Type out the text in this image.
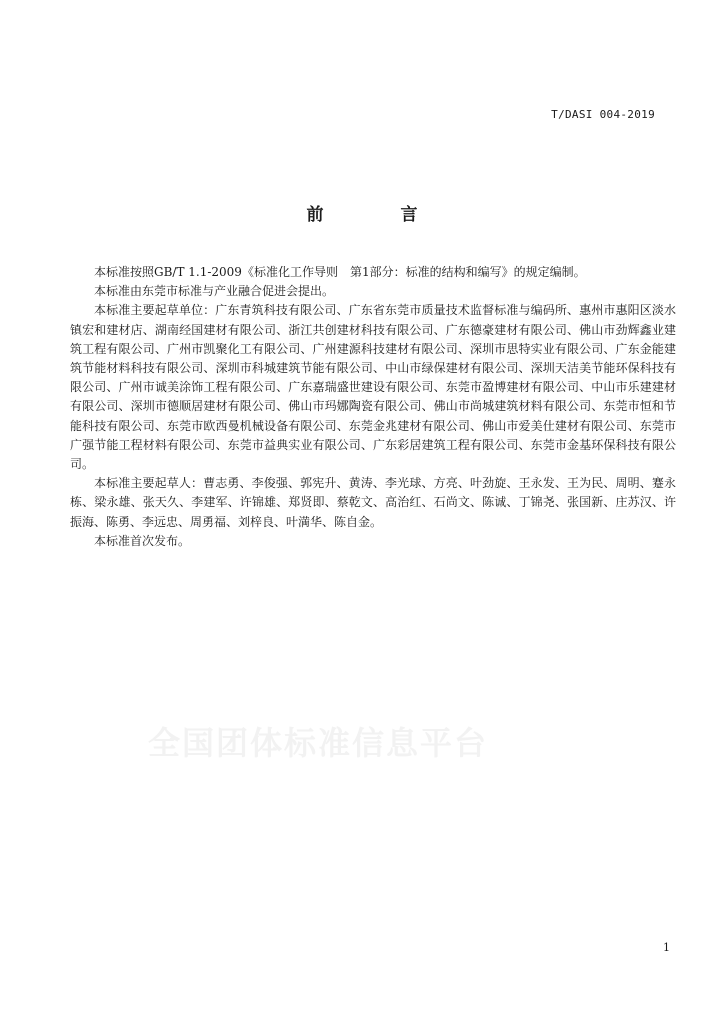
T/DASI 004-2019
前　言

本标准按照GB/T 1.1-2009《标准化工作导则　第1部分：标准的结构和编写》的规定编制。

本标准由东莞市标准与产业融合促进会提出。

本标准主要起草单位：广东青筑科技有限公司、广东省东莞市质量技术监督标准与编码所、惠州市惠阳区淡水镇宏和建材店、湖南经国建材有限公司、浙江共创建材科技有限公司、广东德豪建材有限公司、佛山市劲辉鑫业建筑工程有限公司、广州市凯聚化工有限公司、广州建源科技建材有限公司、深圳市思特实业有限公司、广东金能建筑节能材料科技有限公司、深圳市科城建筑节能有限公司、中山市绿保建材有限公司、深圳天洁美节能环保科技有限公司、广州市诚美涂饰工程有限公司、广东嘉瑞盛世建设有限公司、东莞市盈博建材有限公司、中山市乐建建材有限公司、深圳市德顺居建材有限公司、佛山市玛娜陶瓷有限公司、佛山市尚城建筑材料有限公司、东莞市恒和节能科技有限公司、东莞市欧西曼机械设备有限公司、东莞金兆建材有限公司、佛山市爱美仕建材有限公司、东莞市广强节能工程材料有限公司、东莞市益典实业有限公司、广东彩居建筑工程有限公司、东莞市金基环保科技有限公司。

本标准主要起草人：曹志勇、李俊强、郭宪升、黄涛、李光球、方亮、叶劲旋、王永发、王为民、周明、蹇永栋、梁永雄、张天久、李建军、许锦雄、郑贤即、蔡乾文、高治红、石尚文、陈诚、丁锦尧、张国新、庄苏汉、许振海、陈勇、李远忠、周勇福、刘梓良、叶満华、陈自金。

本标准首次发布。

全国团体标准信息平台
1
